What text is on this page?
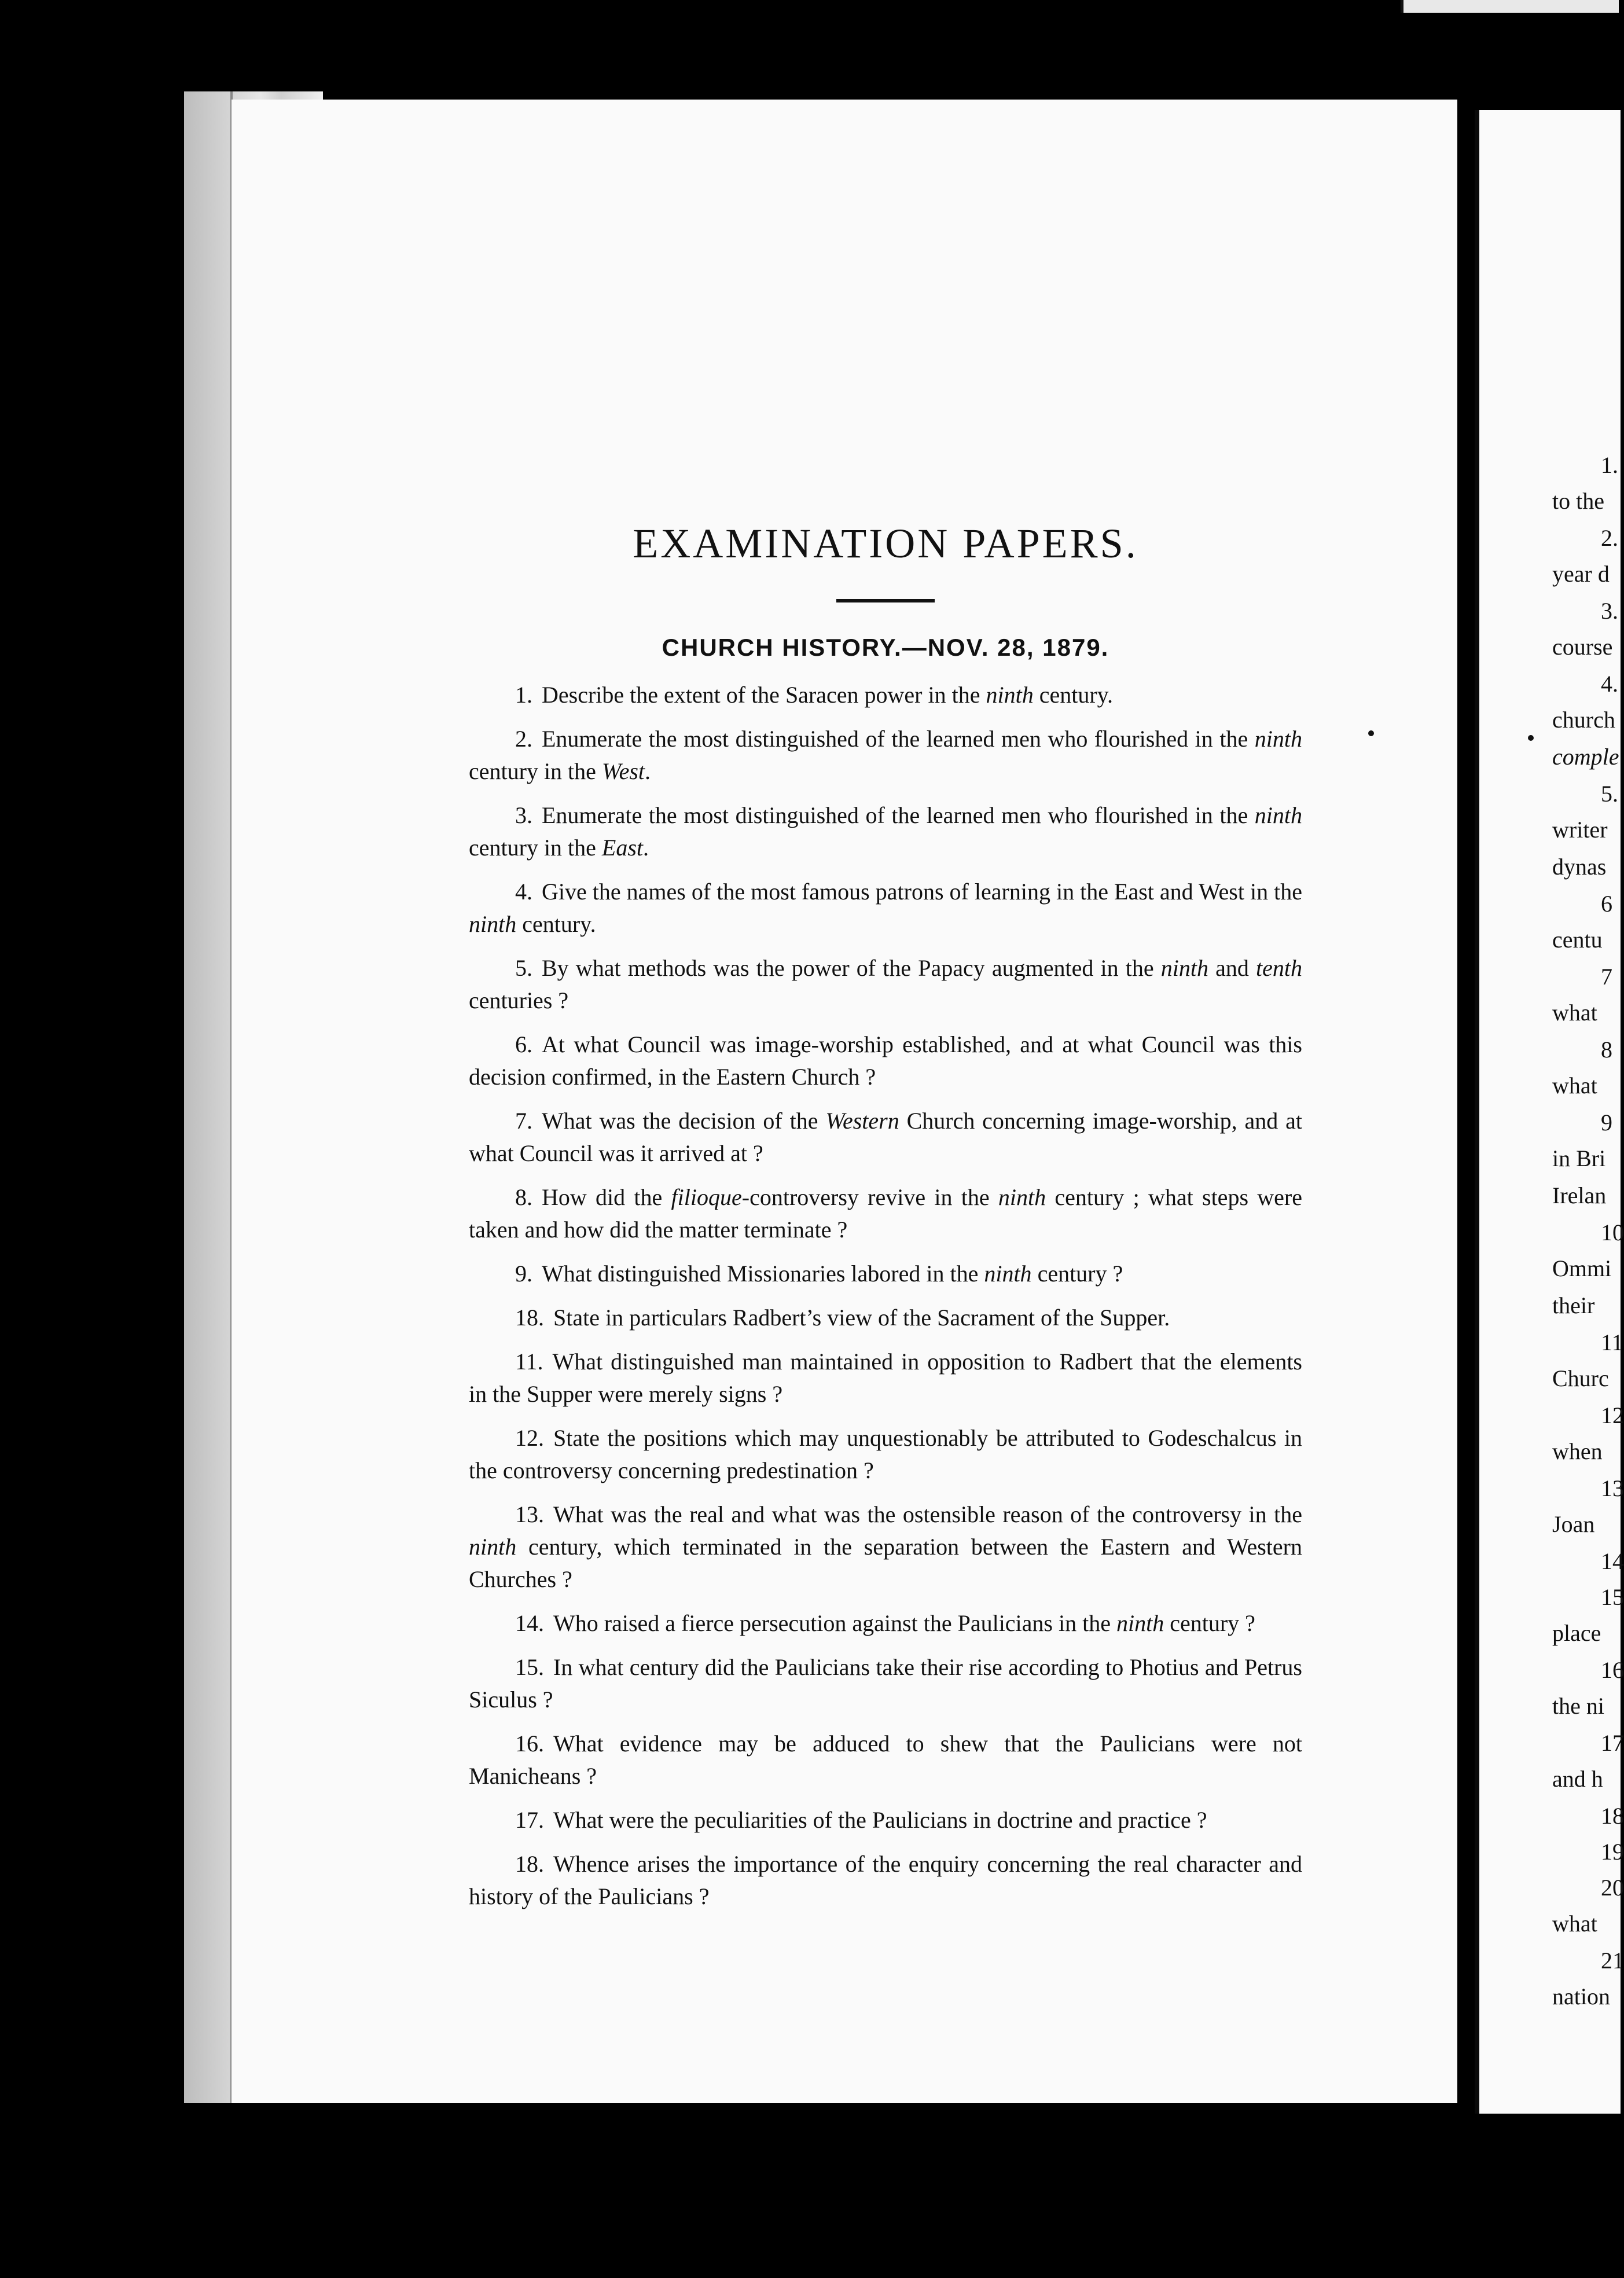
EXAMINATION PAPERS.
CHURCH HISTORY.—NOV. 28, 1879.

1. Describe the extent of the Saracen power in the ninth century.

2. Enumerate the most distinguished of the learned men who flourished in the ninth century in the West.

3. Enumerate the most distinguished of the learned men who flourished in the ninth century in the East.

4. Give the names of the most famous patrons of learning in the East and West in the ninth century.

5. By what methods was the power of the Papacy augmented in the ninth and tenth centuries ?

6. At what Council was image-worship established, and at what Council was this decision confirmed, in the Eastern Church ?

7. What was the decision of the Western Church concerning image-worship, and at what Council was it arrived at ?

8. How did the filioque-controversy revive in the ninth century ; what steps were taken and how did the matter terminate ?

9. What distinguished Missionaries labored in the ninth century ?

18. State in particulars Radbert’s view of the Sacrament of the Supper.

11. What distinguished man maintained in opposition to Radbert that the elements in the Supper were merely signs ?

12. State the positions which may unquestionably be attributed to Godeschalcus in the controversy concerning predestination ?

13. What was the real and what was the ostensible reason of the controversy in the ninth century, which terminated in the separation between the Eastern and Western Churches ?

14. Who raised a fierce persecution against the Paulicians in the ninth century ?

15. In what century did the Paulicians take their rise according to Photius and Petrus Siculus ?

16. What evidence may be adduced to shew that the Paulicians were not Manicheans ?

17. What were the peculiarities of the Paulicians in doctrine and practice ?

18. Whence arises the importance of the enquiry concerning the real character and history of the Paulicians ?

1.
to the
2.
year d
3.
course
4.
church
comple
5.
writer
dynas
6
centu
7
what
8
what
9
in Bri
Irelan
10
Ommi
their
11
Churc
12
when
13
Joan
14
15
place
16
the ni
17
and h
18
19
20
what
21
nation
